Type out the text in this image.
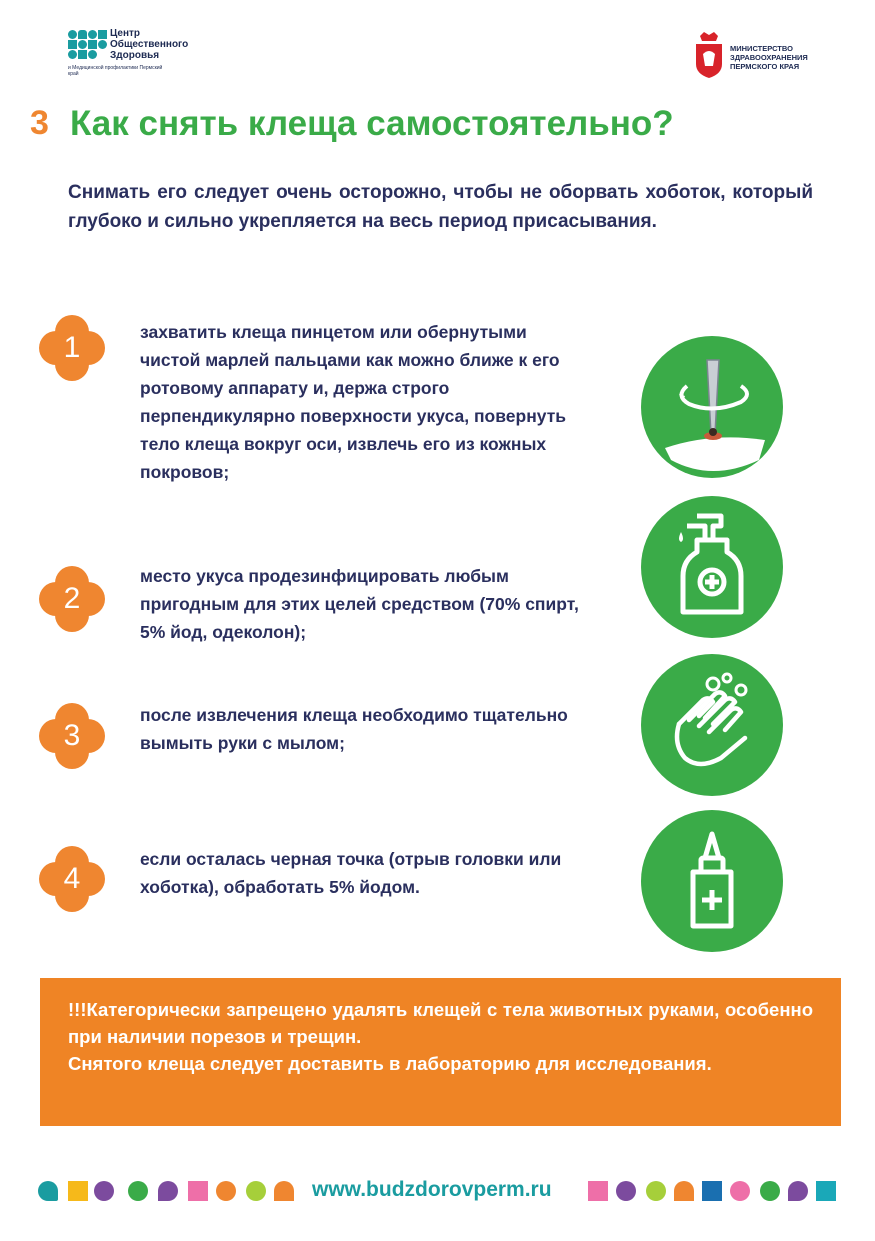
Центр
Общественного
Здоровья
и Медицинской профилактики Пермский край
МИНИСТЕРСТВО
ЗДРАВООХРАНЕНИЯ
ПЕРМСКОГО КРАЯ
3 Как снять клеща самостоятельно?

Снимать его следует очень осторожно, чтобы не оборвать хоботок, который глубоко и сильно укрепляется на весь период присасывания.

1	захватить клеща пинцетом или обернутыми чистой марлей пальцами как можно ближе к его ротовому аппарату и, держа строго перпендикулярно поверхности укуса, повернуть тело клеща вокруг оси, извлечь его из кожных покровов;
2
место укуса продезинфицировать любым пригодным для этих целей средством (70% спирт, 5% йод, одеколон);
3
после извлечения клеща необходимо тщательно вымыть руки с мылом;
4
если осталась черная точка (отрыв головки или хоботка), обработать 5% йодом.

!!!Категорически запрещено удалять клещей с тела животных руками, особенно при наличии порезов и трещин.

Снятого клеща следует доставить в лабораторию для исследования.

www.budzdorovperm.ru
